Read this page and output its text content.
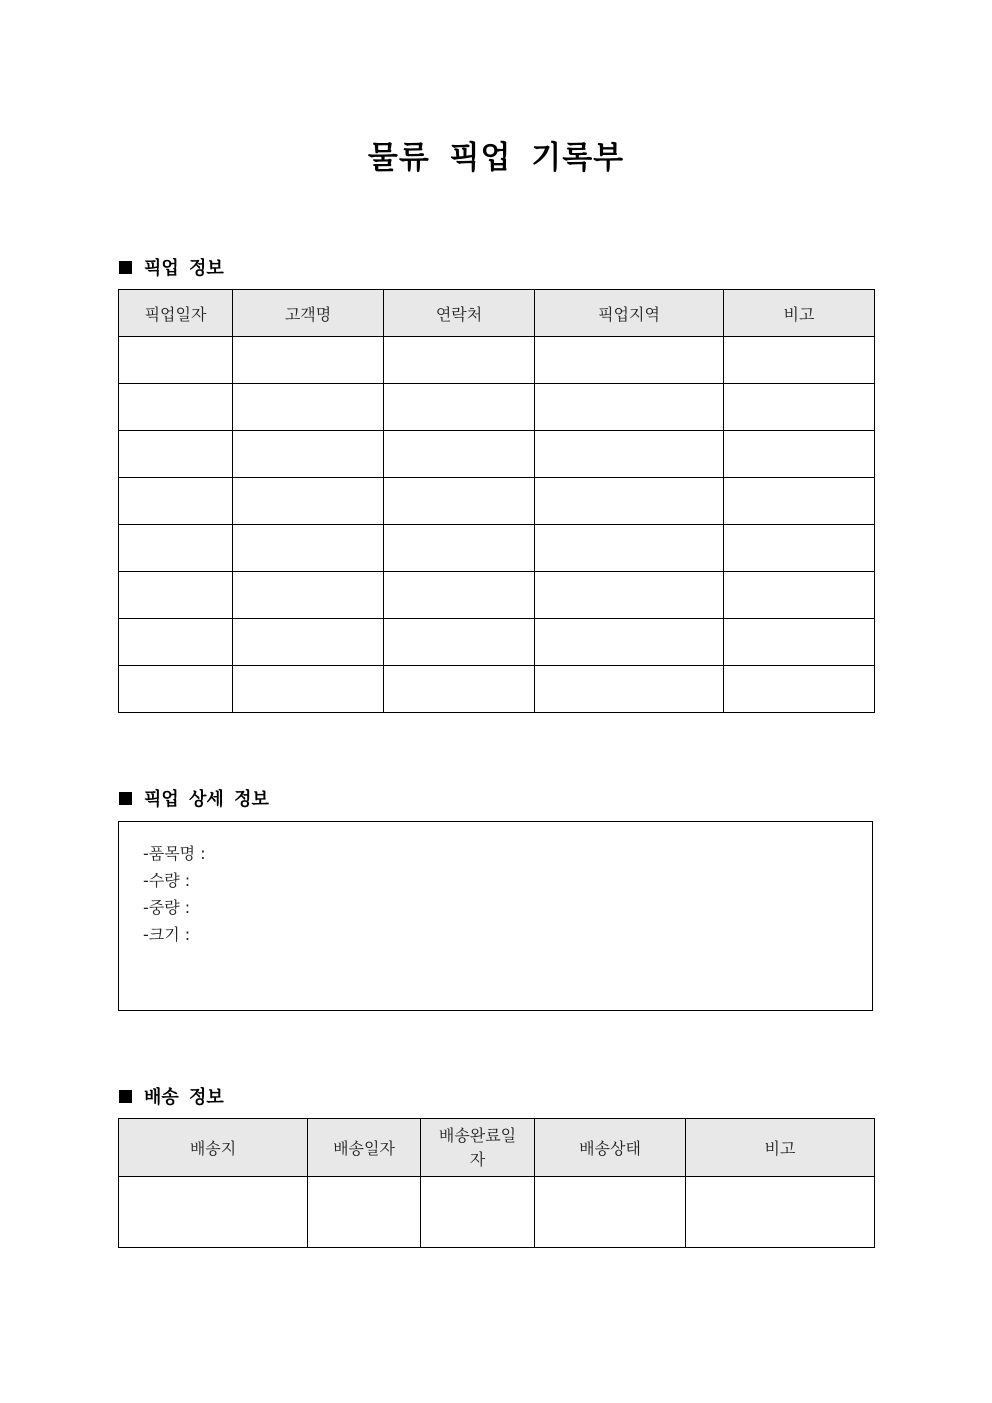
물류 픽업 기록부
픽업 정보
픽업일자	고객명	연락처	픽업지역	비고

픽업 상세 정보
-품목명 :
-수량 :
-중량 :
-크기 :
배송 정보
배송지	배송일자	배송완료일자	배송상태	비고
